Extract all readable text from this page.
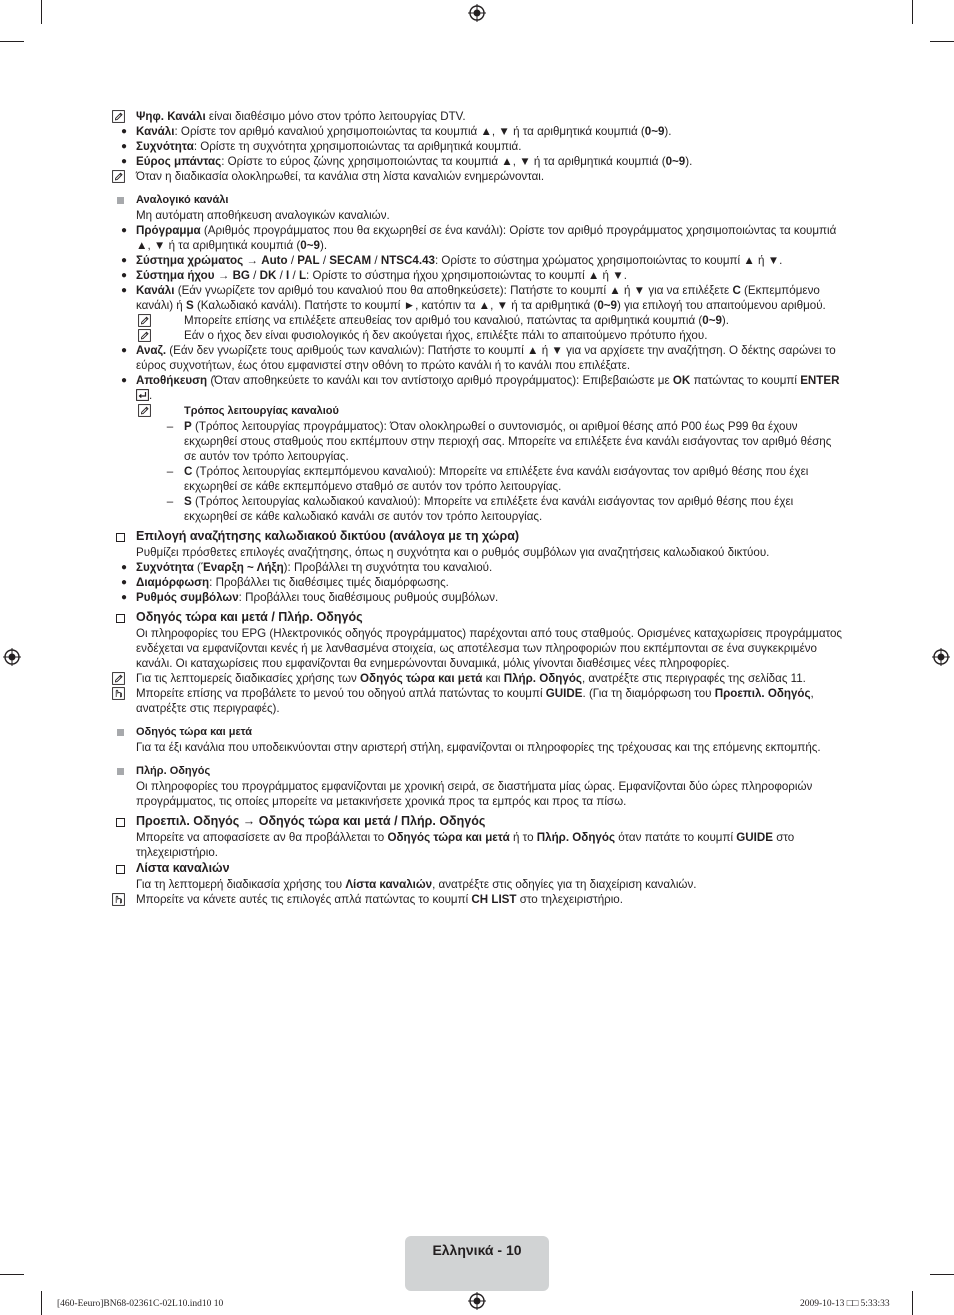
Ψηφ. Κανάλι είναι διαθέσιμο μόνο στον τρόπο λειτουργίας DTV.
● Κανάλι: Ορίστε τον αριθμό καναλιού χρησιμοποιώντας τα κουμπιά ▲, ▼ ή τα αριθμητικά κουμπιά (0~9).
● Συχνότητα: Ορίστε τη συχνότητα χρησιμοποιώντας τα αριθμητικά κουμπιά.
● Εύρος μπάντας: Ορίστε το εύρος ζώνης χρησιμοποιώντας τα κουμπιά ▲, ▼ ή τα αριθμητικά κουμπιά (0~9).
Όταν η διαδικασία ολοκληρωθεί, τα κανάλια στη λίστα καναλιών ενημερώνονται.
Αναλογικό κανάλι
Μη αυτόματη αποθήκευση αναλογικών καναλιών.
● Πρόγραμμα (Αριθμός προγράμματος που θα εκχωρηθεί σε ένα κανάλι): Ορίστε τον αριθμό προγράμματος χρησιμοποιώντας τα κουμπιά ▲, ▼ ή τα αριθμητικά κουμπιά (0~9).
● Σύστημα χρώματος → Auto / PAL / SECAM / NTSC4.43: Ορίστε το σύστημα χρώματος χρησιμοποιώντας το κουμπί ▲ ή ▼.
● Σύστημα ήχου → BG / DK / I / L: Ορίστε το σύστημα ήχου χρησιμοποιώντας το κουμπί ▲ ή ▼.
● Κανάλι (Εάν γνωρίζετε τον αριθμό του καναλιού που θα αποθηκεύσετε): Πατήστε το κουμπί ▲ ή ▼ για να επιλέξετε C (Εκπεμπόμενο κανάλι) ή S (Καλωδιακό κανάλι). Πατήστε το κουμπί ►, κατόπιν τα ▲, ▼ ή τα αριθμητικά (0~9) για επιλογή του απαιτούμενου αριθμού.
Μπορείτε επίσης να επιλέξετε απευθείας τον αριθμό του καναλιού, πατώντας τα αριθμητικά κουμπιά (0~9).
Εάν ο ήχος δεν είναι φυσιολογικός ή δεν ακούγεται ήχος, επιλέξτε πάλι το απαιτούμενο πρότυπο ήχου.
● Αναζ. (Εάν δεν γνωρίζετε τους αριθμούς των καναλιών): Πατήστε το κουμπί ▲ ή ▼ για να αρχίσετε την αναζήτηση. Ο δέκτης σαρώνει το εύρος συχνοτήτων, έως ότου εμφανιστεί στην οθόνη το πρώτο κανάλι ή το κανάλι που επιλέξατε.
● Αποθήκευση (Όταν αποθηκεύετε το κανάλι και τον αντίστοιχο αριθμό προγράμματος): Επιβεβαιώστε με OK πατώντας το κουμπί ENTER.
Τρόπος λειτουργίας καναλιού
– P (Τρόπος λειτουργίας προγράμματος): Όταν ολοκληρωθεί ο συντονισμός, οι αριθμοί θέσης από P00 έως P99 θα έχουν εκχωρηθεί στους σταθμούς που εκπέμπουν στην περιοχή σας. Μπορείτε να επιλέξετε ένα κανάλι εισάγοντας τον αριθμό θέσης σε αυτόν τον τρόπο λειτουργίας.
– C (Τρόπος λειτουργίας εκπεμπόμενου καναλιού): Μπορείτε να επιλέξετε ένα κανάλι εισάγοντας τον αριθμό θέσης που έχει εκχωρηθεί σε κάθε εκπεμπόμενο σταθμό σε αυτόν τον τρόπο λειτουργίας.
– S (Τρόπος λειτουργίας καλωδιακού καναλιού): Μπορείτε να επιλέξετε ένα κανάλι εισάγοντας τον αριθμό θέσης που έχει εκχωρηθεί σε κάθε καλωδιακό κανάλι σε αυτόν τον τρόπο λειτουργίας.
Επιλογή αναζήτησης καλωδιακού δικτύου (ανάλογα με τη χώρα)
Ρυθμίζει πρόσθετες επιλογές αναζήτησης, όπως η συχνότητα και ο ρυθμός συμβόλων για αναζητήσεις καλωδιακού δικτύου.
● Συχνότητα (Έναρξη ~ Λήξη): Προβάλλει τη συχνότητα του καναλιού.
● Διαμόρφωση: Προβάλλει τις διαθέσιμες τιμές διαμόρφωσης.
● Ρυθμός συμβόλων: Προβάλλει τους διαθέσιμους ρυθμούς συμβόλων.
Οδηγός τώρα και μετά / Πλήρ. Οδηγός
Οι πληροφορίες του EPG (Ηλεκτρονικός οδηγός προγράμματος) παρέχονται από τους σταθμούς. Ορισμένες καταχωρίσεις προγράμματος ενδέχεται να εμφανίζονται κενές ή με λανθασμένα στοιχεία, ως αποτέλεσμα των πληροφοριών που εκπέμπονται σε ένα συγκεκριμένο κανάλι. Οι καταχωρίσεις που εμφανίζονται θα ενημερώνονται δυναμικά, μόλις γίνονται διαθέσιμες νέες πληροφορίες.
Για τις λεπτομερείς διαδικασίες χρήσης των Οδηγός τώρα και μετά και Πλήρ. Οδηγός, ανατρέξτε στις περιγραφές της σελίδας 11.
Μπορείτε επίσης να προβάλετε το μενού του οδηγού απλά πατώντας το κουμπί GUIDE. (Για τη διαμόρφωση του Προεπιλ. Οδηγός, ανατρέξτε στις περιγραφές).
Οδηγός τώρα και μετά
Για τα έξι κανάλια που υποδεικνύονται στην αριστερή στήλη, εμφανίζονται οι πληροφορίες της τρέχουσας και της επόμενης εκπομπής.
Πλήρ. Οδηγός
Οι πληροφορίες του προγράμματος εμφανίζονται με χρονική σειρά, σε διαστήματα μίας ώρας. Εμφανίζονται δύο ώρες πληροφοριών προγράμματος, τις οποίες μπορείτε να μετακινήσετε χρονικά προς τα εμπρός και προς τα πίσω.
Προεπιλ. Οδηγός → Οδηγός τώρα και μετά / Πλήρ. Οδηγός
Μπορείτε να αποφασίσετε αν θα προβάλλεται το Οδηγός τώρα και μετά ή το Πλήρ. Οδηγός όταν πατάτε το κουμπί GUIDE στο τηλεχειριστήριο.
Λίστα καναλιών
Για τη λεπτομερή διαδικασία χρήσης του Λίστα καναλιών, ανατρέξτε στις οδηγίες για τη διαχείριση καναλιών.
Μπορείτε να κάνετε αυτές τις επιλογές απλά πατώντας το κουμπί CH LIST στο τηλεχειριστήριο.
Ελληνικά - 10
[460-Eeuro]BN68-02361C-02L10.ind10 10	2009-10-13 □□ 5:33:33
